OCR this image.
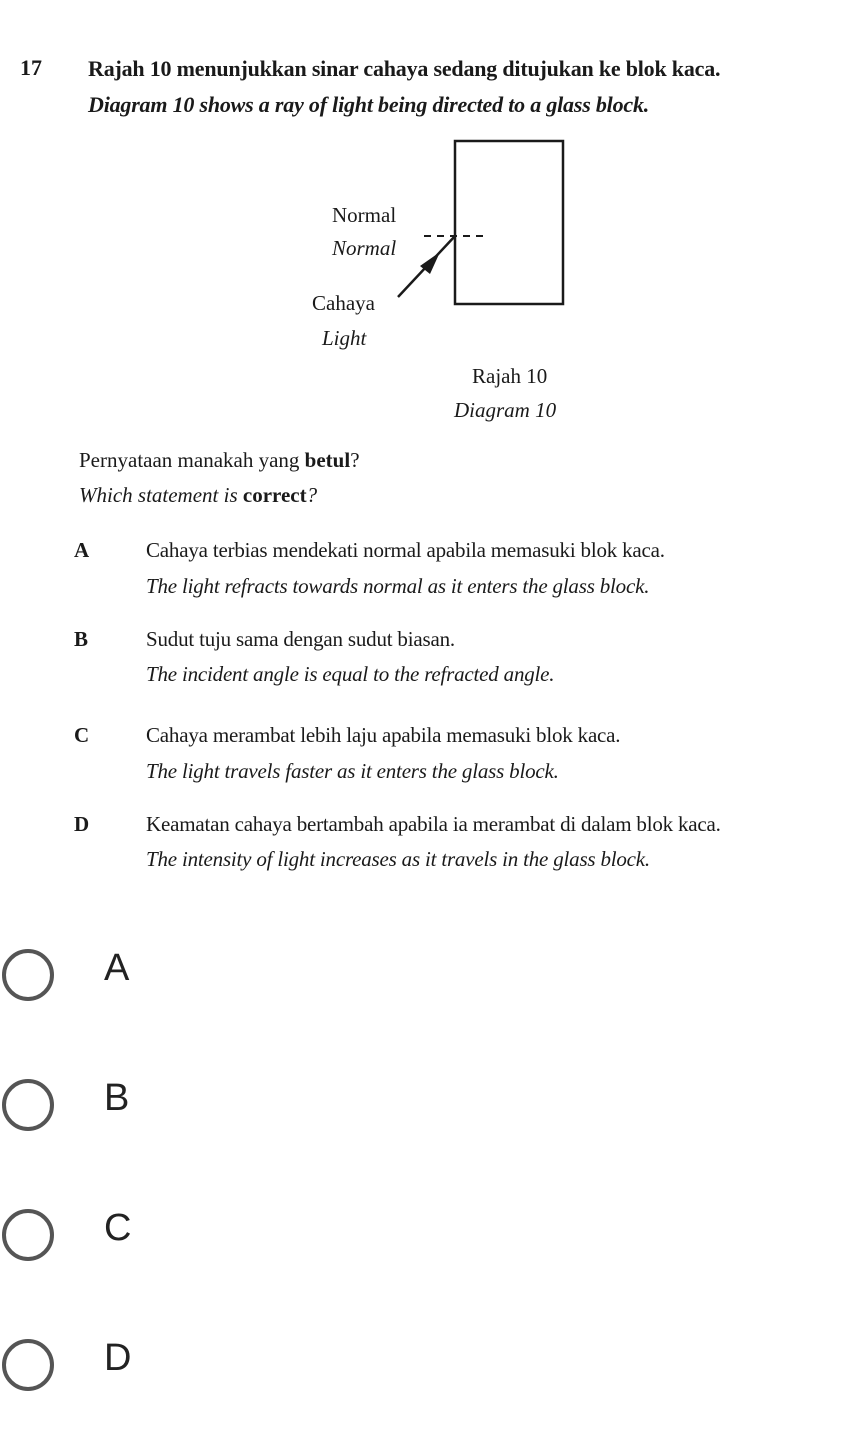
17 Rajah 10 menunjukkan sinar cahaya sedang ditujukan ke blok kaca.
Diagram 10 shows a ray of light being directed to a glass block.
Normal
Normal
Cahaya
Light
Rajah 10
Diagram 10
Pernyataan manakah yang betul?
Which statement is correct?
A	Cahaya terbias mendekati normal apabila memasuki blok kaca.
The light refracts towards normal as it enters the glass block.
B	Sudut tuju sama dengan sudut biasan.
The incident angle is equal to the refracted angle.
C	Cahaya merambat lebih laju apabila memasuki blok kaca.
The light travels faster as it enters the glass block.
D	Keamatan cahaya bertambah apabila ia merambat di dalam blok kaca.
The intensity of light increases as it travels in the glass block.
A
B
C
D
